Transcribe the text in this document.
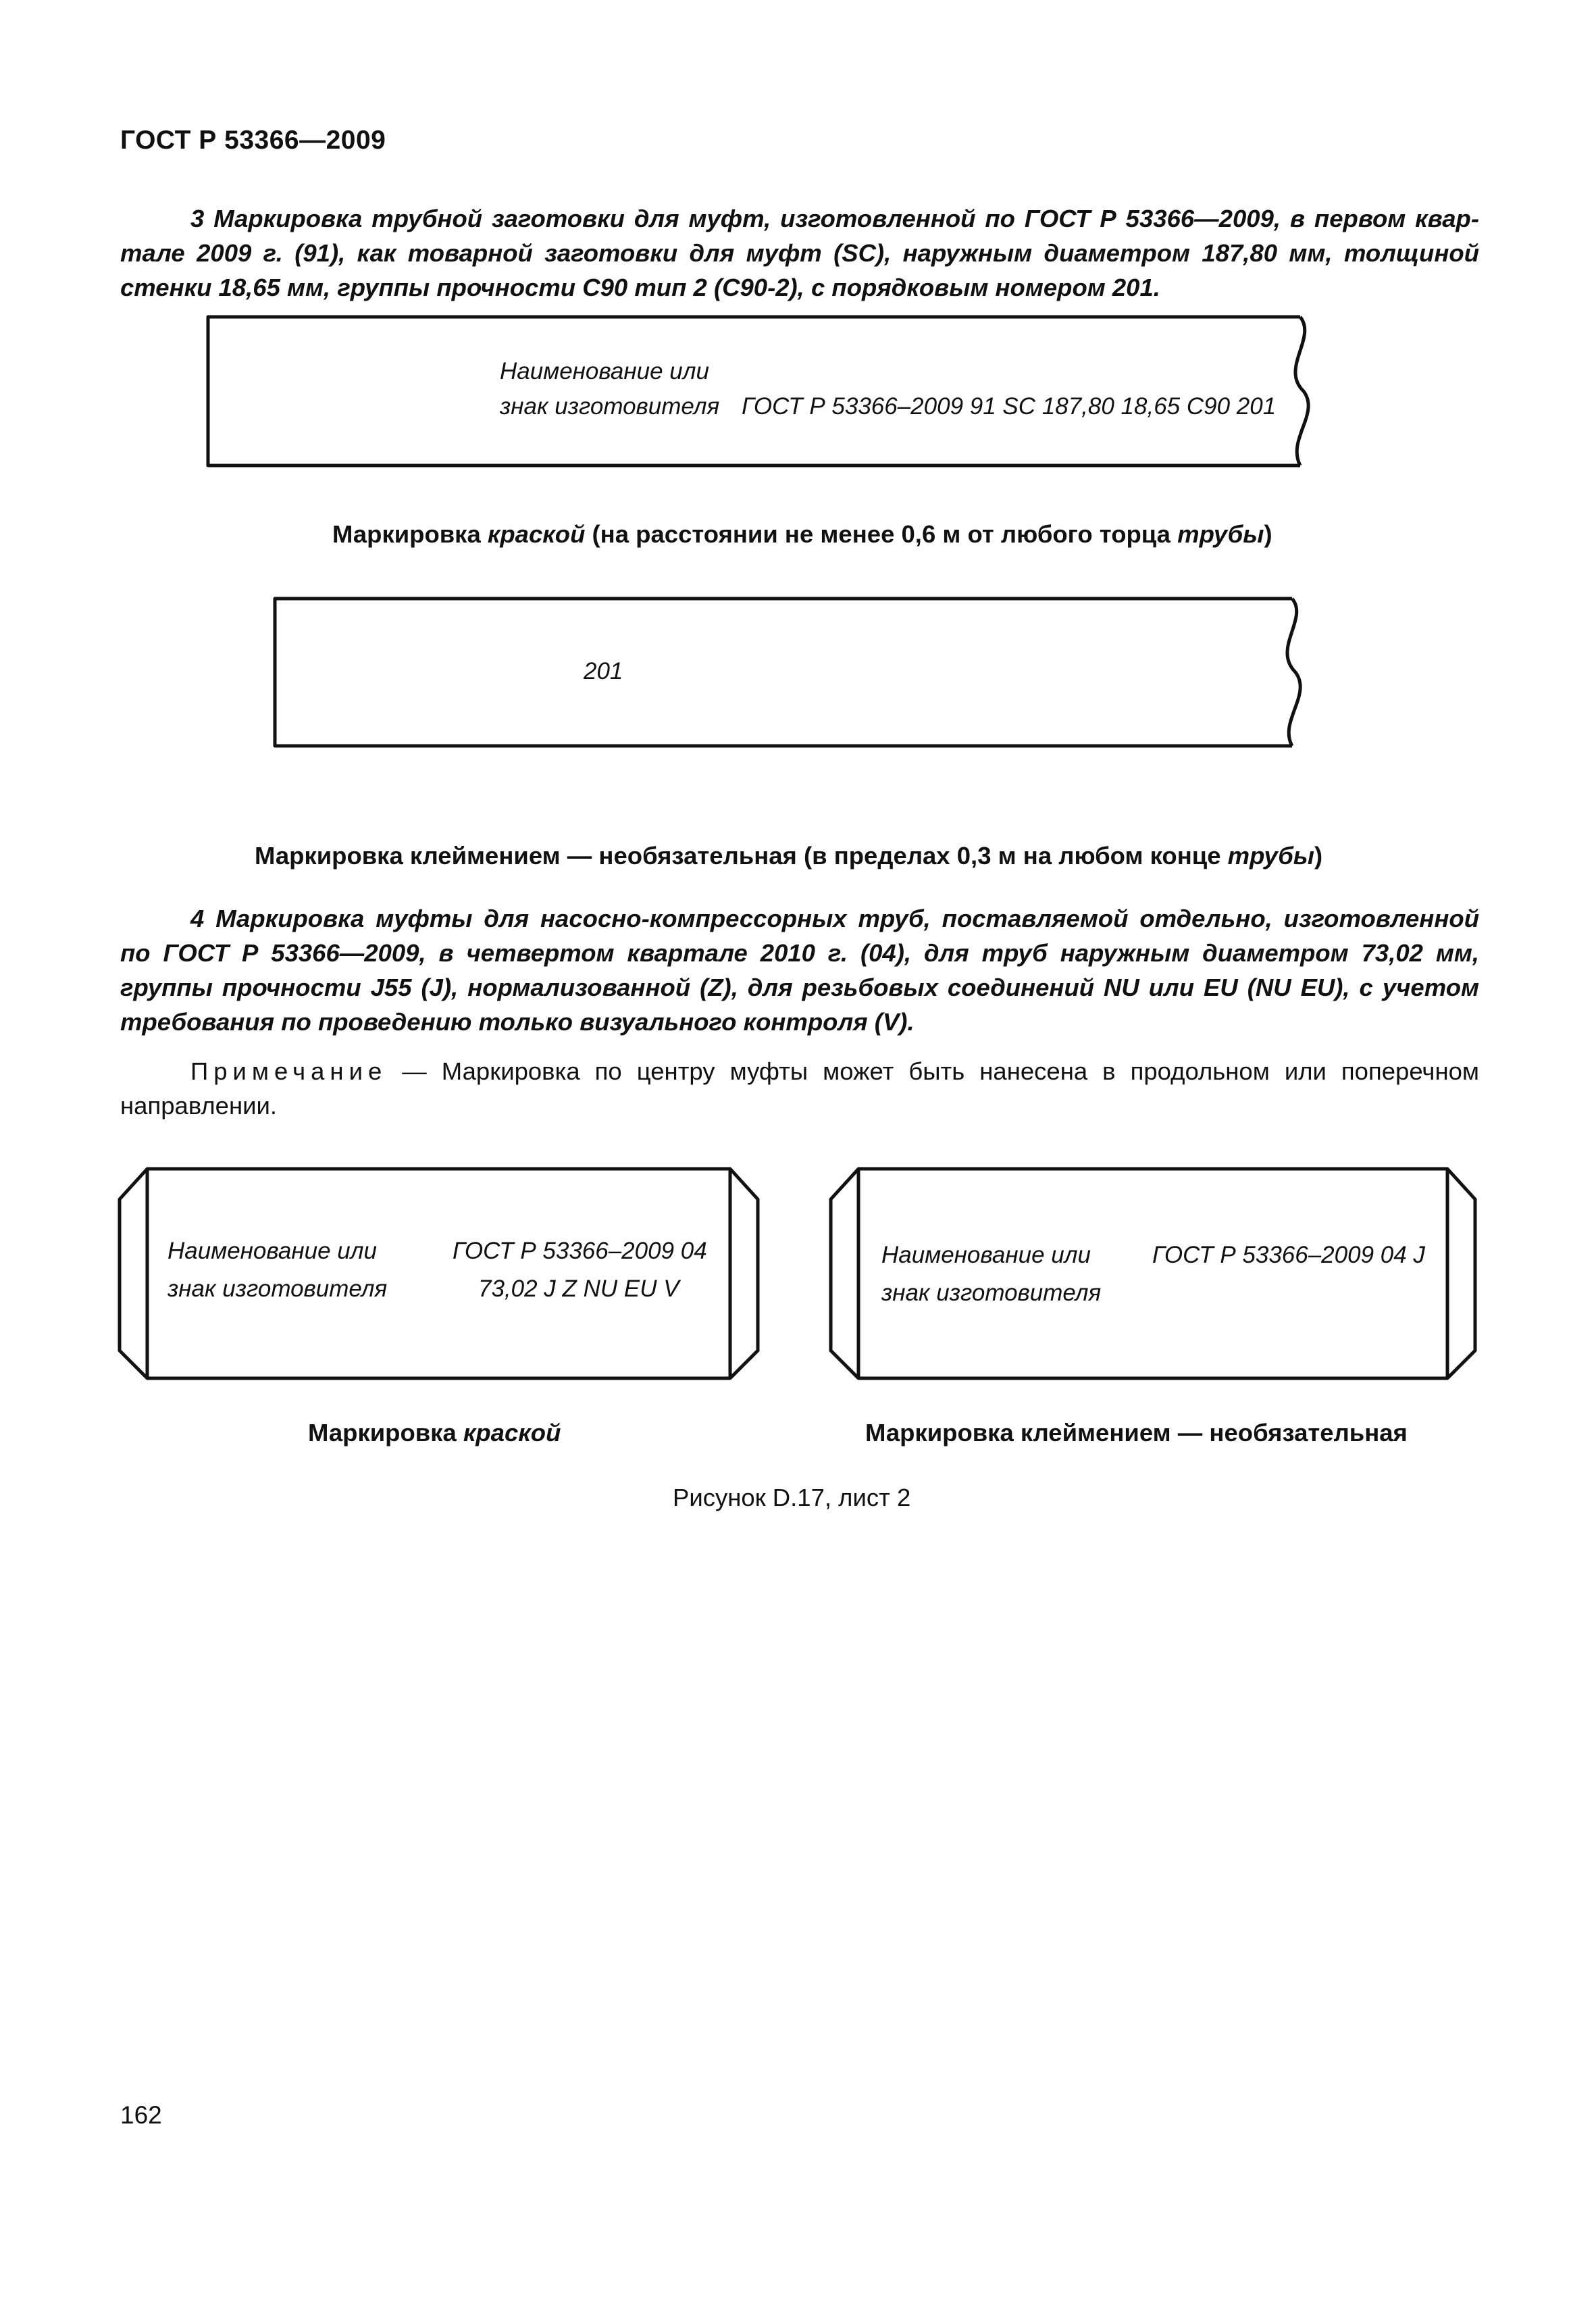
ГОСТ Р 53366—2009
3 Маркировка трубной заготовки для муфт, изготовленной по ГОСТ Р 53366—2009, в первом квар-
тале 2009 г. (91), как товарной заготовки для муфт (SC), наружным диаметром 187,80 мм, толщиной
стенки 18,65 мм, группы прочности C90 тип 2 (C90-2), с порядковым номером 201.
Наименование или
знак изготовителя ГОСТ Р 53366–2009 91 SC 187,80 18,65 C90 201
Маркировка краской (на расстоянии не менее 0,6 м от любого торца трубы)
201
Маркировка клеймением — необязательная (в пределах 0,3 м на любом конце трубы)
4 Маркировка муфты для насосно-компрессорных труб, поставляемой отдельно, изготовленной
по ГОСТ Р 53366—2009, в четвертом квартале 2010 г. (04), для труб наружным диаметром 73,02 мм,
группы прочности J55 (J), нормализованной (Z), для резьбовых соединений NU или EU (NU EU), с учетом
требования по проведению только визуального контроля (V).
Примечание — Маркировка по центру муфты может быть нанесена в продольном или поперечном
направлении.
Наименование или
знак изготовителя
ГОСТ Р 53366–2009 04
73,02 J Z NU EU V
Наименование или
знак изготовителя
ГОСТ Р 53366–2009 04 J
Маркировка краской	Маркировка клеймением — необязательная
Рисунок D.17, лист 2
162
